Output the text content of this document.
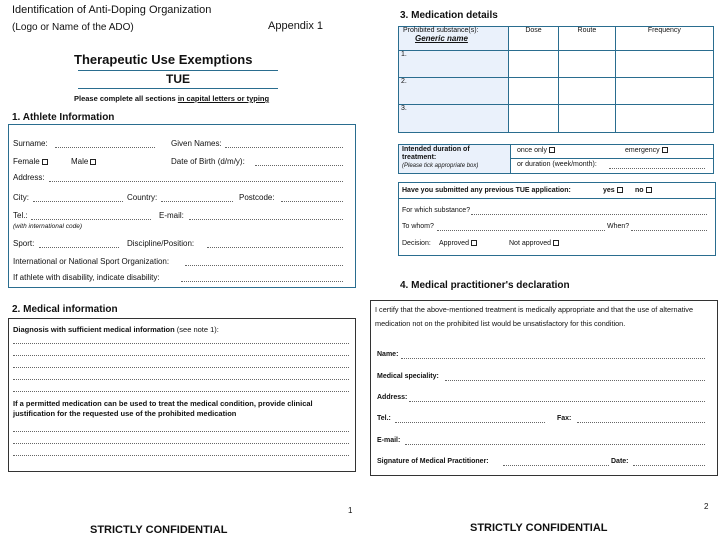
Identification of Anti-Doping Organization
(Logo or Name of the ADO)	Appendix 1
Therapeutic Use Exemptions
TUE
Please complete all sections in capital letters or typing
1. Athlete Information
Surname:	Given Names:
Female	Male	Date of Birth (d/m/y):
Address:
City:	Country:	Postcode:
Tel.:	E-mail:
(with international code)
Sport:	Discipline/Position:
International or National Sport Organization:
If athlete with disability, indicate disability:
2. Medical information
Diagnosis with sufficient medical information (see note 1):
If a permitted medication can be used to treat the medical condition, provide clinical
justification for the requested use of the prohibited medication
1
STRICTLY CONFIDENTIAL
3. Medication details
Prohibited substance(s):
Generic name	Dose	Route	Frequency
1.			
2.			
3.			
Intended duration of
treatment:
(Please tick appropriate box)
once only	emergency
or duration (week/month):
Have you submitted any previous TUE application:	yes	no
For which substance?
To whom?	When?
Decision: Approved	Not approved
4. Medical practitioner's declaration
I certify that the above-mentioned treatment is medically appropriate and that the use of alternative
medication not on the prohibited list would be unsatisfactory for this condition.
Name:
Medical speciality:
Address:
Tel.:	Fax:
E-mail:
Signature of Medical Practitioner:	Date:
2
STRICTLY CONFIDENTIAL
